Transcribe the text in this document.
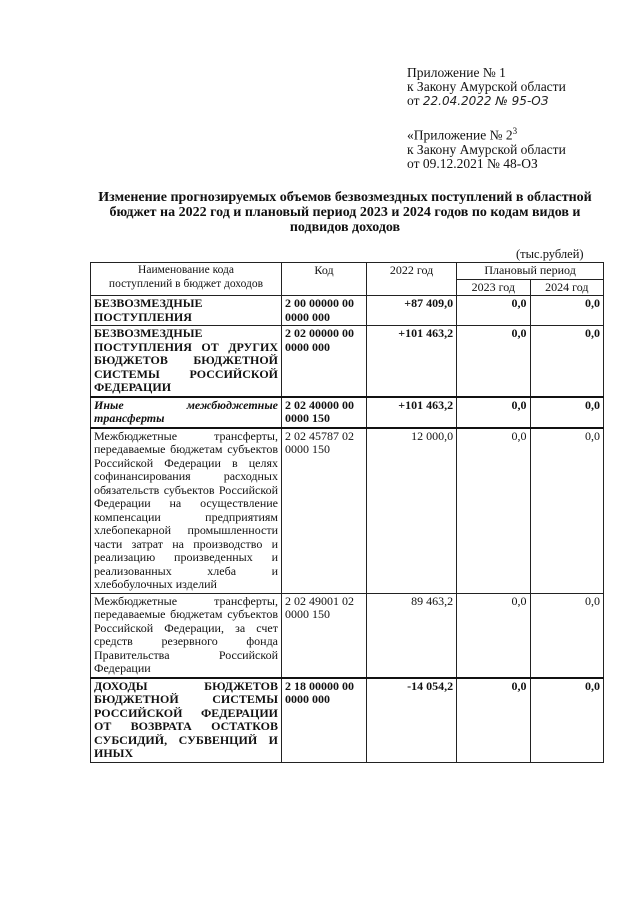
Приложение № 1
к Закону Амурской области
от 22.04.2022 № 95-ОЗ
«Приложение № $2^3$
к Закону Амурской области
от 09.12.2021 № 48-ОЗ
Изменение прогнозируемых объемов безвозмездных поступлений в областной бюджет на 2022 год и плановый период 2023 и 2024 годов по кодам видов и подвидов доходов
(тыс.рублей)
Наименование кода
поступлений в бюджет доходов	Код	2022 год	Плановый период	
			2023 год	2024 год
БЕЗВОЗМЕЗДНЫЕ ПОСТУПЛЕНИЯ	2 00 00000 00 0000 000	+87 409,0	0,0	0,0
БЕЗВОЗМЕЗДНЫЕ ПОСТУПЛЕНИЯ ОТ ДРУГИХ БЮДЖЕТОВ БЮДЖЕТНОЙ СИСТЕМЫ РОССИЙСКОЙ ФЕДЕРАЦИИ	2 02 00000 00 0000 000	+101 463,2	0,0	0,0
Иные межбюджетные трансферты	2 02 40000 00 0000 150	+101 463,2	0,0	0,0
Межбюджетные трансферты, передаваемые бюджетам субъектов Российской Федерации в целях софинансирования расходных обязательств субъектов Российской Федерации на осуществление компенсации предприятиям хлебопекарной промышленности части затрат на производство и реализацию произведенных и реализованных хлеба и хлебобулочных изделий	2 02 45787 02 0000 150	12 000,0	0,0	0,0
Межбюджетные трансферты, передаваемые бюджетам субъектов Российской Федерации, за счет средств резервного фонда Правительства Российской Федерации	2 02 49001 02 0000 150	89 463,2	0,0	0,0
ДОХОДЫ БЮДЖЕТОВ БЮДЖЕТНОЙ СИСТЕМЫ РОССИЙСКОЙ ФЕДЕРАЦИИ ОТ ВОЗВРАТА ОСТАТКОВ СУБСИДИЙ, СУБВЕНЦИЙ И ИНЫХ	2 18 00000 00 0000 000	-14 054,2	0,0	0,0
